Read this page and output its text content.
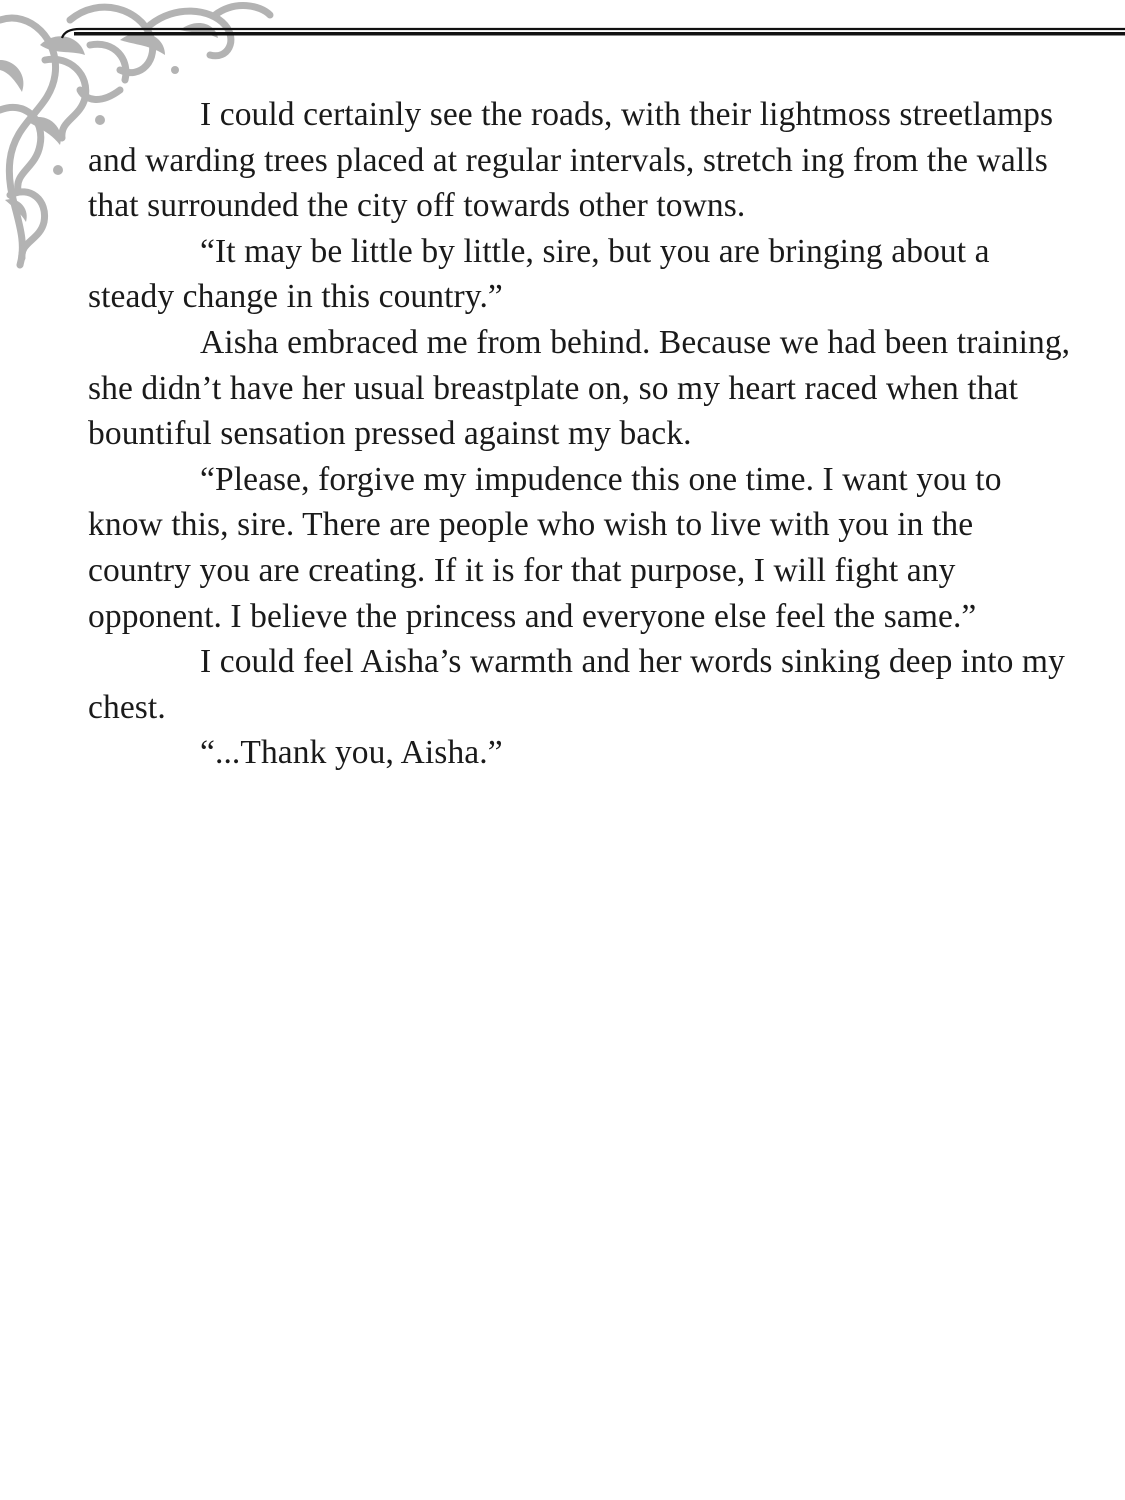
I could certainly see the roads, with their lightmoss streetlamps and warding trees placed at regular intervals, stretch ing from the walls that surrounded the city off towards other towns.

“It may be little by little, sire, but you are bringing about a steady change in this country.”

Aisha embraced me from behind. Because we had been training, she didn’t have her usual breastplate on, so my heart raced when that bountiful sensation pressed against my back.

“Please, forgive my impudence this one time. I want you to know this, sire. There are people who wish to live with you in the country you are creating. If it is for that purpose, I will fight any opponent. I believe the princess and everyone else feel the same.”

I could feel Aisha’s warmth and her words sinking deep into my chest.

“...Thank you, Aisha.”
